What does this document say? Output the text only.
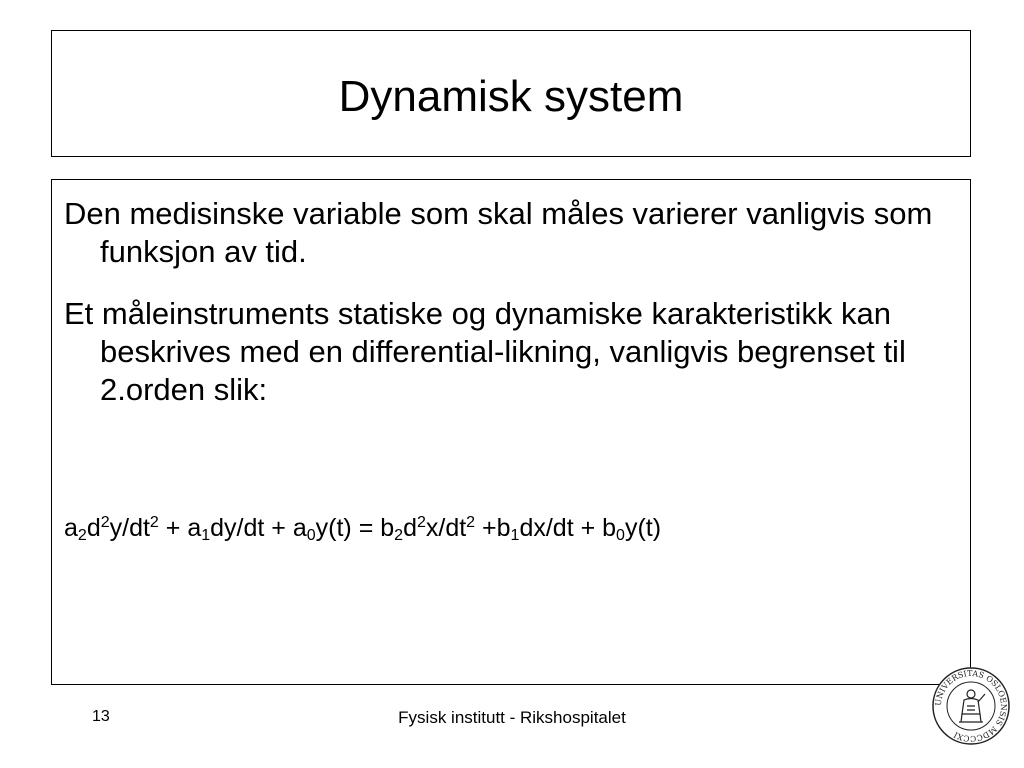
Dynamisk system
Den medisinske variable som skal måles varierer vanligvis som funksjon av tid.
Et måleinstruments statiske og dynamiske karakteristikk kan beskrives med en differential-likning, vanligvis begrenset til 2.orden slik:
$a_2d^2y/dt^2 + a_1dy/dt + a_0y(t) = b_2d^2x/dt^2 +b_1dx/dt + b_0y(t)$
13	Fysisk institutt - Rikshospitalet
UNIVERSITAS OSLOENSIS MDCCCXI
